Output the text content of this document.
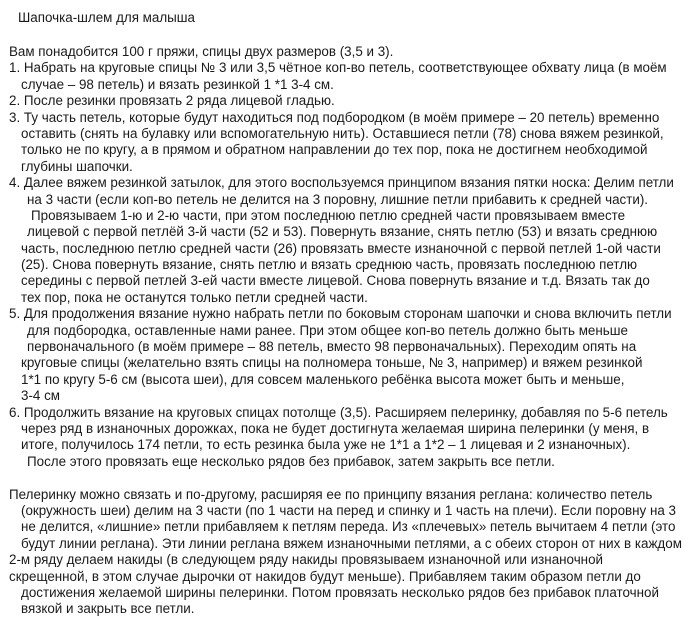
Шапочка-шлем для малыша
Вам понадобится 100 г пряжи, спицы двух размеров (3,5 и 3).
1. Набрать на круговые спицы № 3 или 3,5 чётное коп-во петель, соответствующее обхвату лица (в моём
случае – 98 петель) и вязать резинкой 1 *1 3-4 см.
2. После резинки провязать 2 ряда лицевой гладью.
3. Ту часть петель, которые будут находиться под подбородком (в моём примере – 20 петель) временно
оставить (снять на булавку или вспомогательную нить). Оставшиеся петли (78) снова вяжем резинкой,
только не по кругу, а в прямом и обратном направлении до тех пор, пока не достигнем необходимой
глубины шапочки.
4. Далее вяжем резинкой затылок, для этого воспользуемся принципом вязания пятки носка: Делим петли
на 3 части (если коп-во петель не делится на 3 поровну, лишние петли прибавить к средней части).
Провязываем 1-ю и 2-ю части, при этом последнюю петлю средней части провязываем вместе
лицевой с первой петлёй 3-й части (52 и 53). Повернуть вязание, снять петлю (53) и вязать среднюю
часть, последнюю петлю средней части (26) провязать вместе изнаночной с первой петлей 1-ой части
(25). Снова повернуть вязание, снять петлю и вязать среднюю часть, провязать последнюю петлю
середины с первой петлей 3-ей части вместе лицевой. Снова повернуть вязание и т.д. Вязать так до
тех пор, пока не останутся только петли средней части.
5. Для продолжения вязание нужно набрать петли по боковым сторонам шапочки и снова включить петли
для подбородка, оставленные нами ранее. При этом общее коп-во петель должно быть меньше
первоначального (в моём примере – 88 петель, вместо 98 первоначальных). Переходим опять на
круговые спицы (желательно взять спицы на полномера тоньше, № 3, например) и вяжем резинкой
1*1 по кругу 5-6 см (высота шеи), для совсем маленького ребёнка высота может быть и меньше,
3-4 см
6. Продолжить вязание на круговых спицах потолще (3,5). Расширяем пелеринку, добавляя по 5-6 петель
через ряд в изнаночных дорожках, пока не будет достигнута желаемая ширина пелеринки (у меня, в
итоге, получилось 174 петли, то есть резинка была уже не 1*1 а 1*2 – 1 лицевая и 2 изнаночных).
После этого провязать еще несколько рядов без прибавок, затем закрыть все петли.
Пелеринку можно связать и по-другому, расширяя ее по принципу вязания реглана: количество петель
(окружность шеи) делим на 3 части (по 1 части на перед и спинку и 1 часть на плечи). Если поровну на 3
не делится, «лишние» петли прибавляем к петлям переда. Из «плечевых» петель вычитаем 4 петли (это
будут линии реглана). Эти линии реглана вяжем изнаночными петлями, а с обеих сторон от них в каждом
2-м ряду делаем накиды (в следующем ряду накиды провязываем изнаночной или изнаночной
скрещенной, в этом случае дырочки от накидов будут меньше). Прибавляем таким образом петли до
достижения желаемой ширины пелеринки. Потом провязать несколько рядов без прибавок платочной
вязкой и закрыть все петли.
